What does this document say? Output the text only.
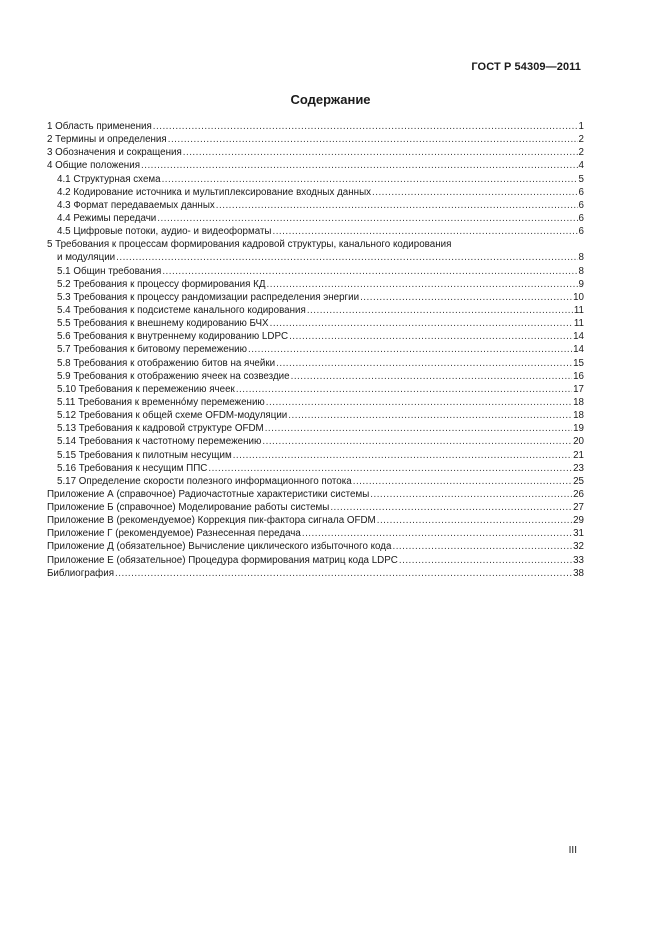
ГОСТ Р 54309—2011
Содержание
1 Область применения .....	1
2 Термины и определения .....	2
3 Обозначения и сокращения .....	2
4 Общие положения .....	4
4.1 Структурная схема .....	5
4.2 Кодирование источника и мультиплексирование входных данных .....	6
4.3 Формат передаваемых данных .....	6
4.4 Режимы передачи .....	6
4.5 Цифровые потоки, аудио- и видеоформаты .....	6
5 Требования к процессам формирования кадровой структуры, канального кодирования
и модуляции .....	8
5.1 Общин требования .....	8
5.2 Требования к процессу формирования КД .....	9
5.3 Требования к процессу рандомизации распределения энергии .....	10
5.4 Требования к подсистеме канального кодирования .....	11
5.5 Требования к внешнему кодированию БЧХ .....	11
5.6 Требования к внутреннему кодированию LDPC .....	14
5.7 Требования к битовому перемежению .....	14
5.8 Требования к отображению битов на ячейки .....	15
5.9 Требования к отображению ячеек на созвездие .....	16
5.10 Требования к перемежению ячеек .....	17
5.11 Требования к временнóму перемежению .....	18
5.12 Требования к общей схеме OFDM-модуляции .....	18
5.13 Требования к кадровой структуре OFDM .....	19
5.14 Требования к частотному перемежению .....	20
5.15 Требования к пилотным несущим .....	21
5.16 Требования к несущим ППС .....	23
5.17 Определение скорости полезного информационного потока .....	25
Приложение А (справочное) Радиочастотные характеристики системы .....	26
Приложение Б (справочное) Моделирование работы системы .....	27
Приложение В (рекомендуемое) Коррекция пик-фактора сигнала OFDM .....	29
Приложение Г (рекомендуемое) Разнесенная передача .....	31
Приложение Д (обязательное) Вычисление циклического избыточного кода .....	32
Приложение Е (обязательное) Процедура формирования матриц кода LDPC .....	33
Библиография .....	38
III
